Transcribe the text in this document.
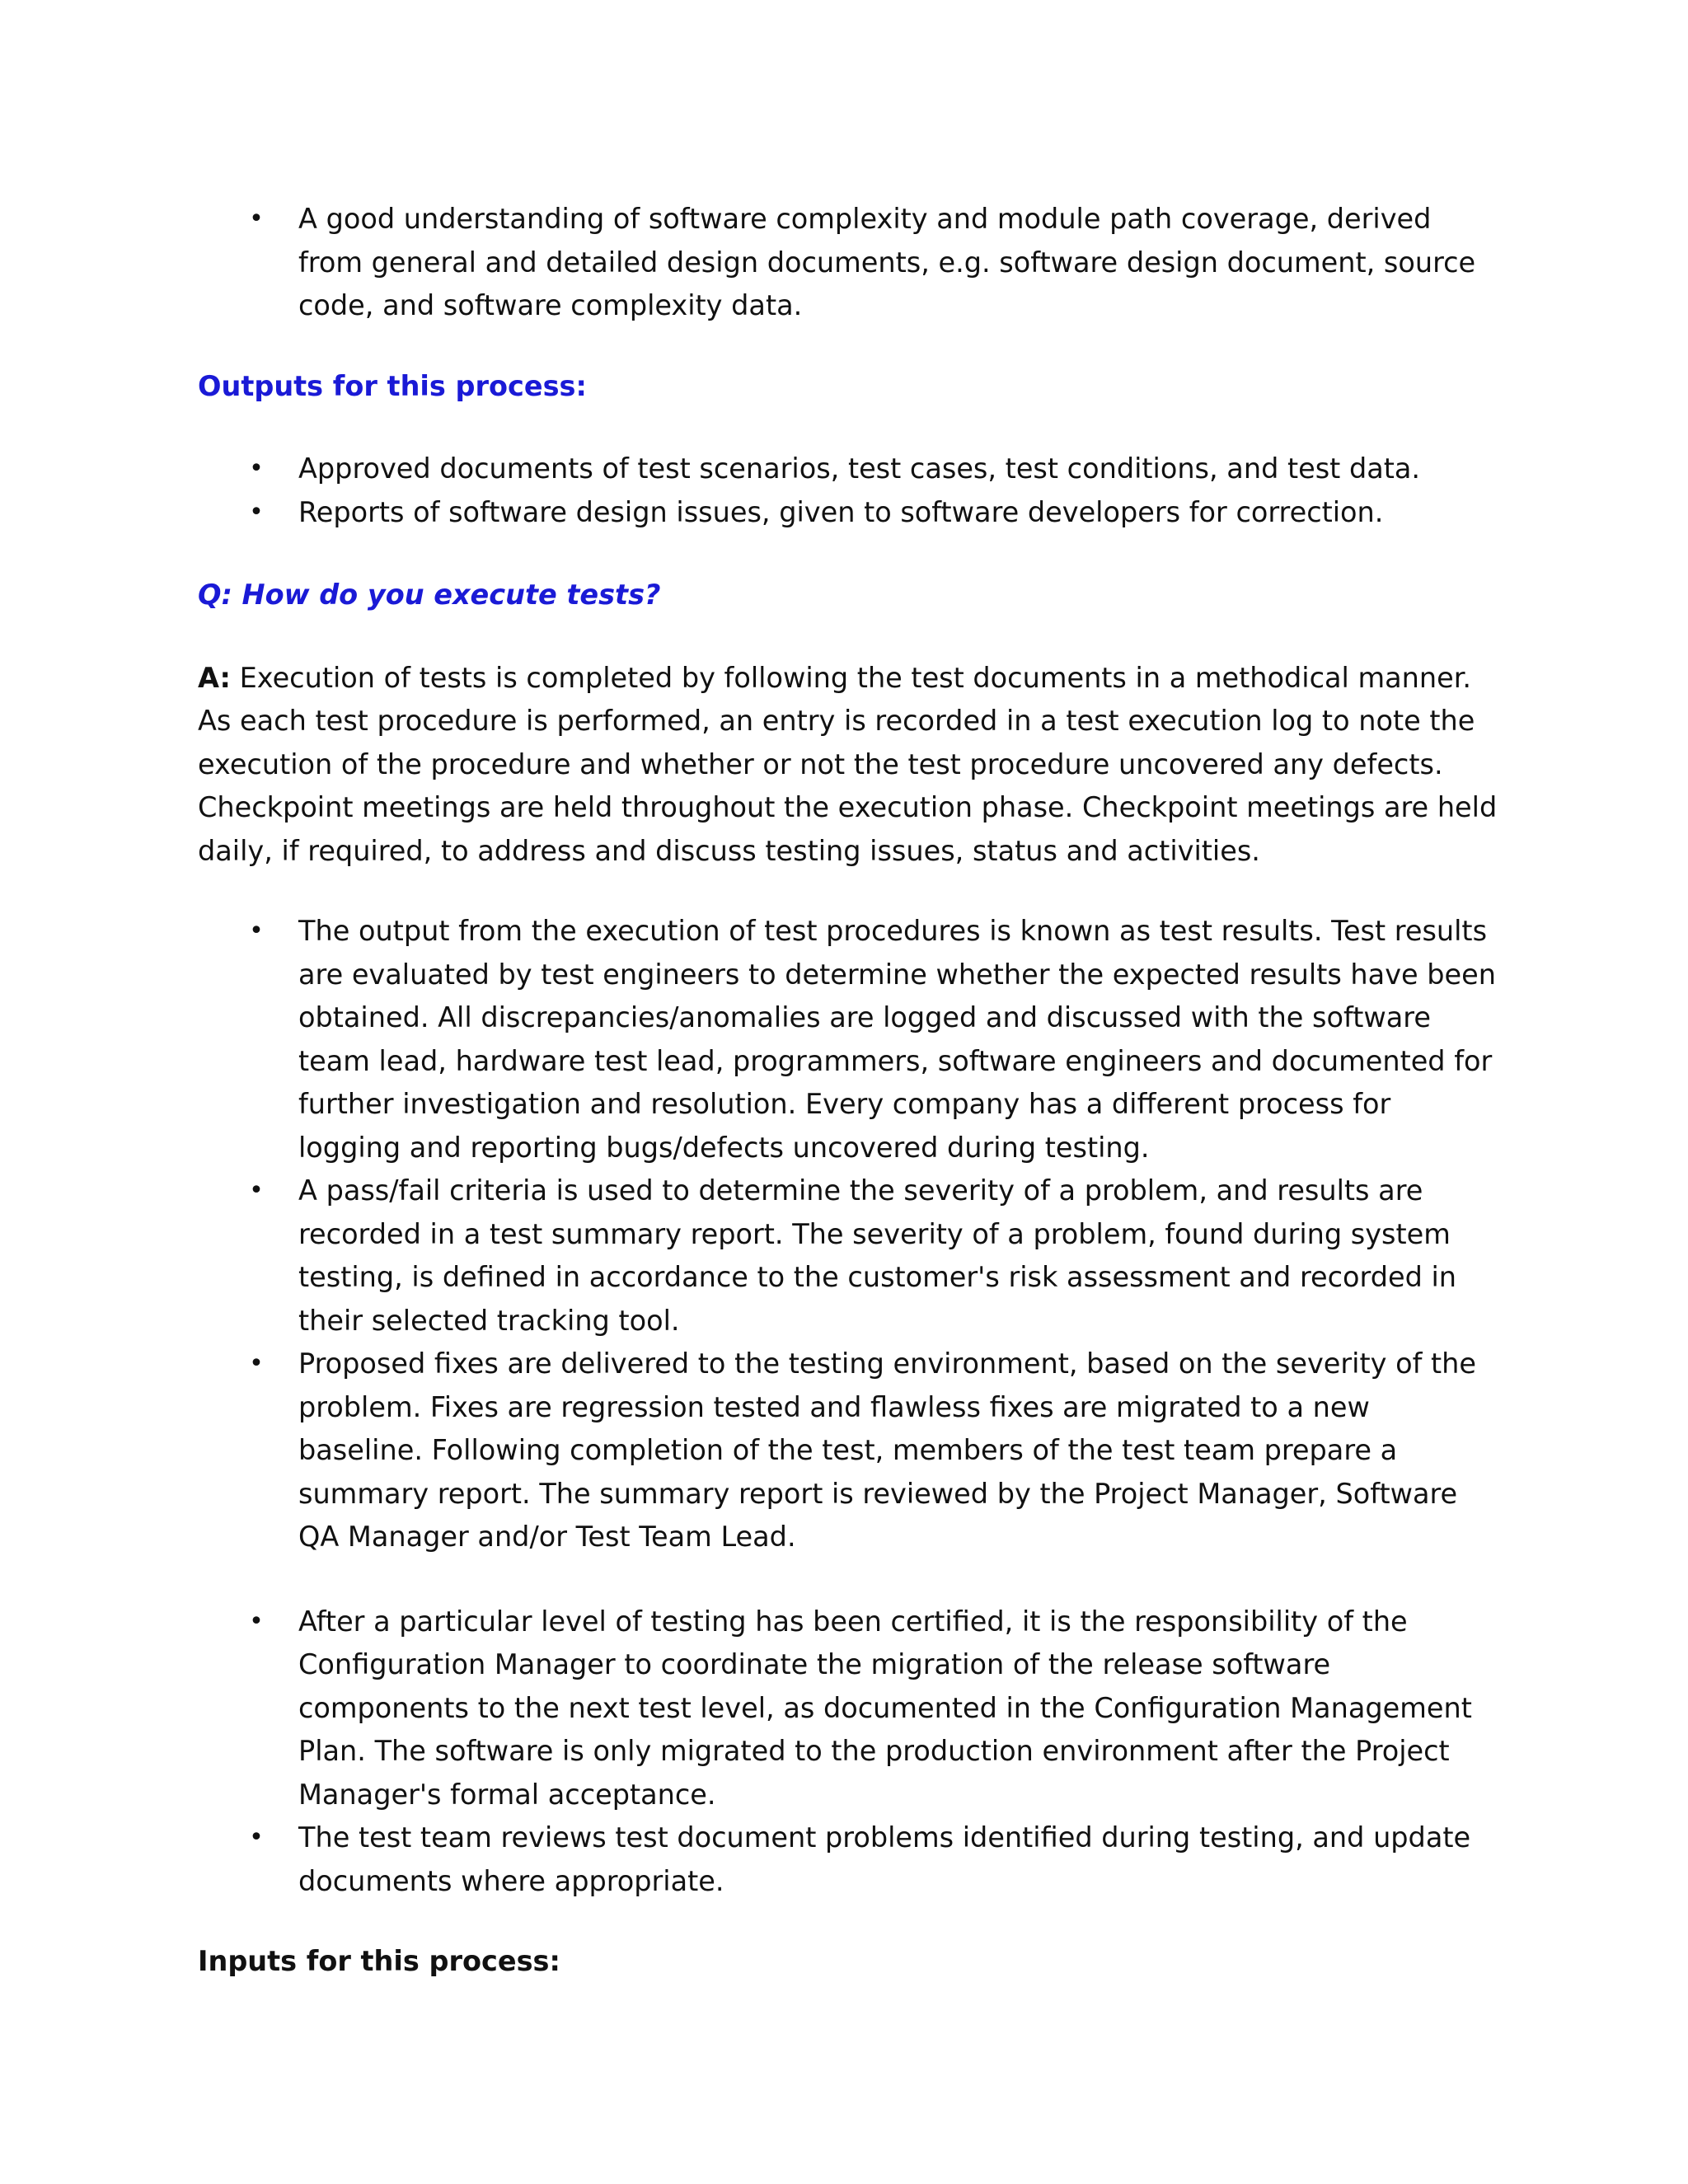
• A good understanding of software complexity and module path coverage, derived from general and detailed design documents, e.g. software design document, source code, and software complexity data.

Outputs for this process:

• Approved documents of test scenarios, test cases, test conditions, and test data.
• Reports of software design issues, given to software developers for correction.

Q: How do you execute tests?

A: Execution of tests is completed by following the test documents in a methodical manner. As each test procedure is performed, an entry is recorded in a test execution log to note the execution of the procedure and whether or not the test procedure uncovered any defects. Checkpoint meetings are held throughout the execution phase. Checkpoint meetings are held daily, if required, to address and discuss testing issues, status and activities.

• The output from the execution of test procedures is known as test results. Test results are evaluated by test engineers to determine whether the expected results have been obtained. All discrepancies/anomalies are logged and discussed with the software team lead, hardware test lead, programmers, software engineers and documented for further investigation and resolution. Every company has a different process for logging and reporting bugs/defects uncovered during testing.
• A pass/fail criteria is used to determine the severity of a problem, and results are recorded in a test summary report. The severity of a problem, found during system testing, is defined in accordance to the customer's risk assessment and recorded in their selected tracking tool.
• Proposed fixes are delivered to the testing environment, based on the severity of the problem. Fixes are regression tested and flawless fixes are migrated to a new baseline. Following completion of the test, members of the test team prepare a summary report. The summary report is reviewed by the Project Manager, Software QA Manager and/or Test Team Lead.
• After a particular level of testing has been certified, it is the responsibility of the Configuration Manager to coordinate the migration of the release software components to the next test level, as documented in the Configuration Management Plan. The software is only migrated to the production environment after the Project Manager's formal acceptance.
• The test team reviews test document problems identified during testing, and update documents where appropriate.

Inputs for this process:
